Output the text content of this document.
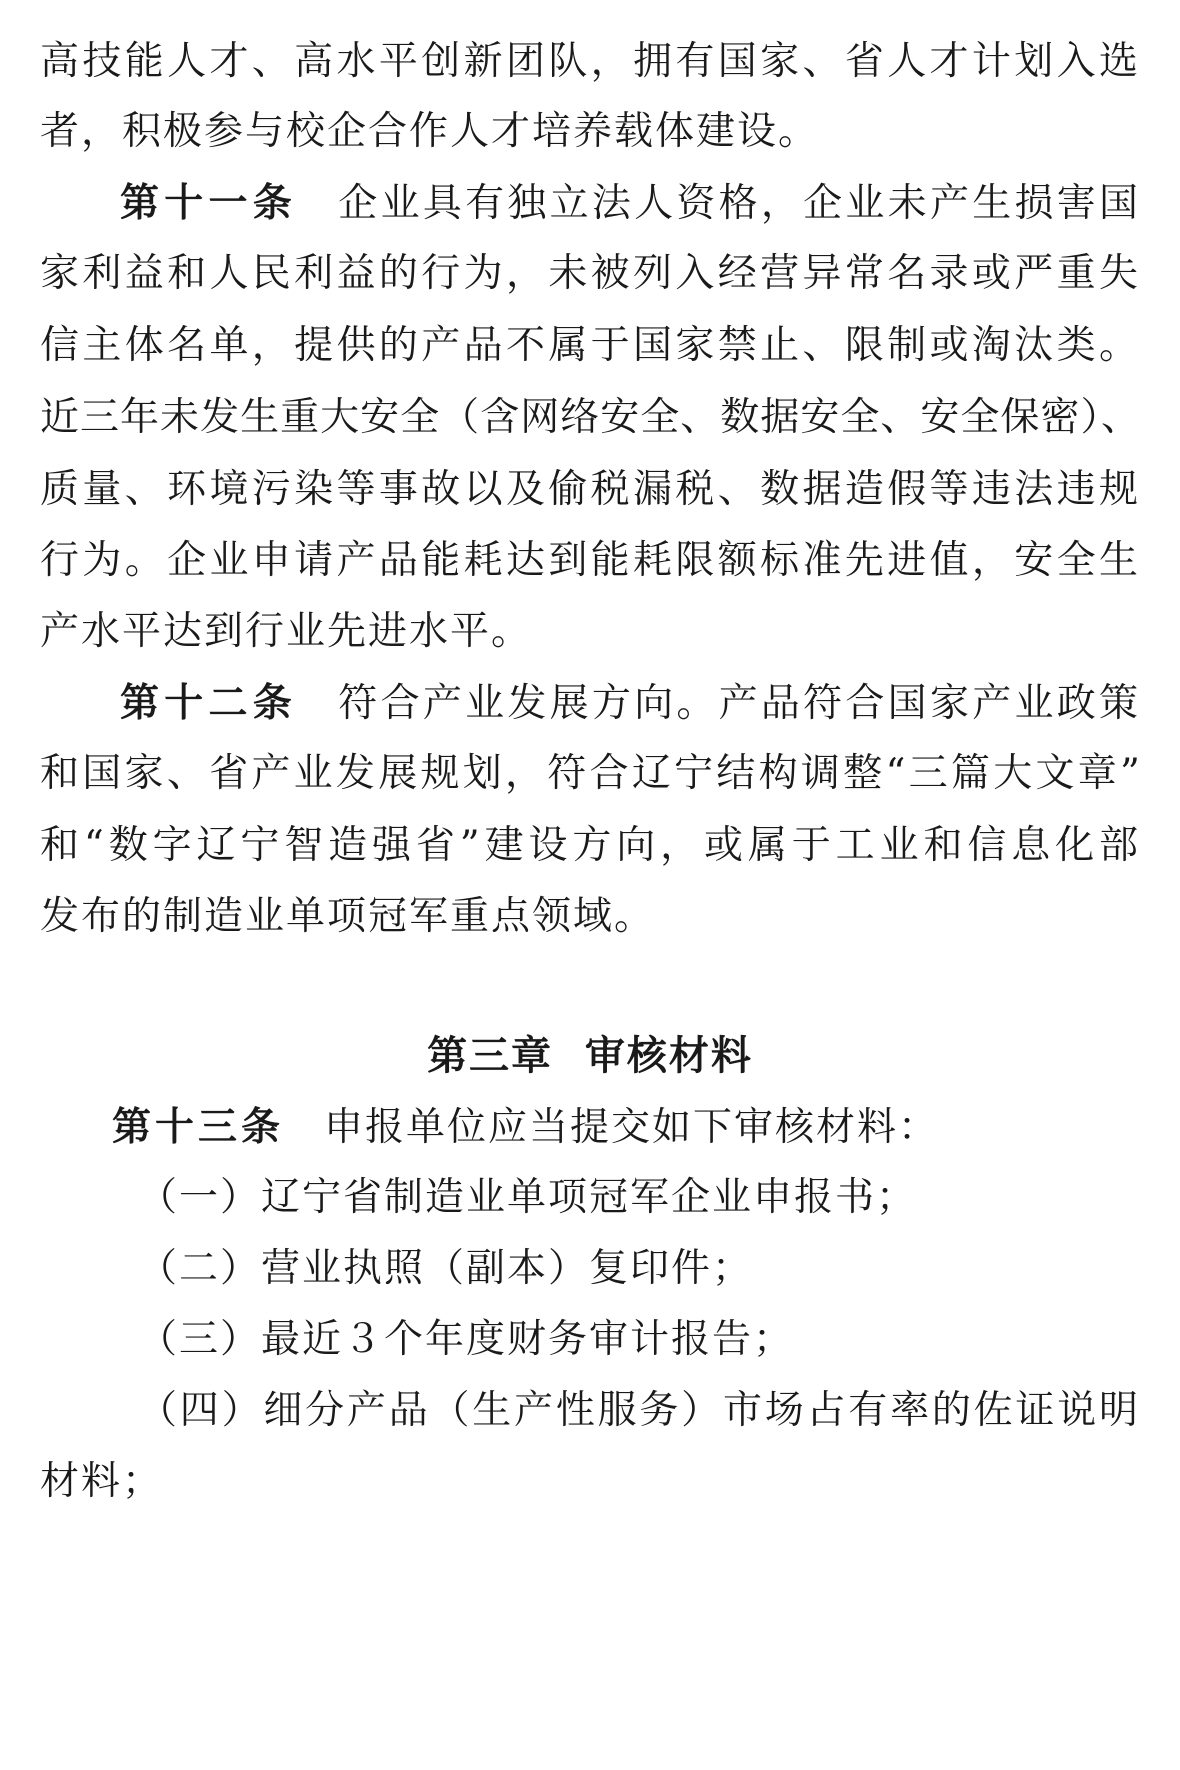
高技能人才、高水平创新团队，拥有国家、省人才计划入选
者，积极参与校企合作人才培养载体建设。
第十一条 企业具有独立法人资格，企业未产生损害国
家利益和人民利益的行为，未被列入经营异常名录或严重失
信主体名单，提供的产品不属于国家禁止、限制或淘汰类。
近三年未发生重大安全（含网络安全、数据安全、安全保密）、
质量、环境污染等事故以及偷税漏税、数据造假等违法违规
行为。企业申请产品能耗达到能耗限额标准先进值，安全生
产水平达到行业先进水平。
第十二条 符合产业发展方向。产品符合国家产业政策
和国家、省产业发展规划，符合辽宁结构调整“三篇大文章”
和“数字辽宁智造强省”建设方向，或属于工业和信息化部
发布的制造业单项冠军重点领域。
第三章  审核材料
第十三条 申报单位应当提交如下审核材料：
（一）辽宁省制造业单项冠军企业申报书；
（二）营业执照（副本）复印件；
（三）最近３个年度财务审计报告；
（四）细分产品（生产性服务）市场占有率的佐证说明
材料；
